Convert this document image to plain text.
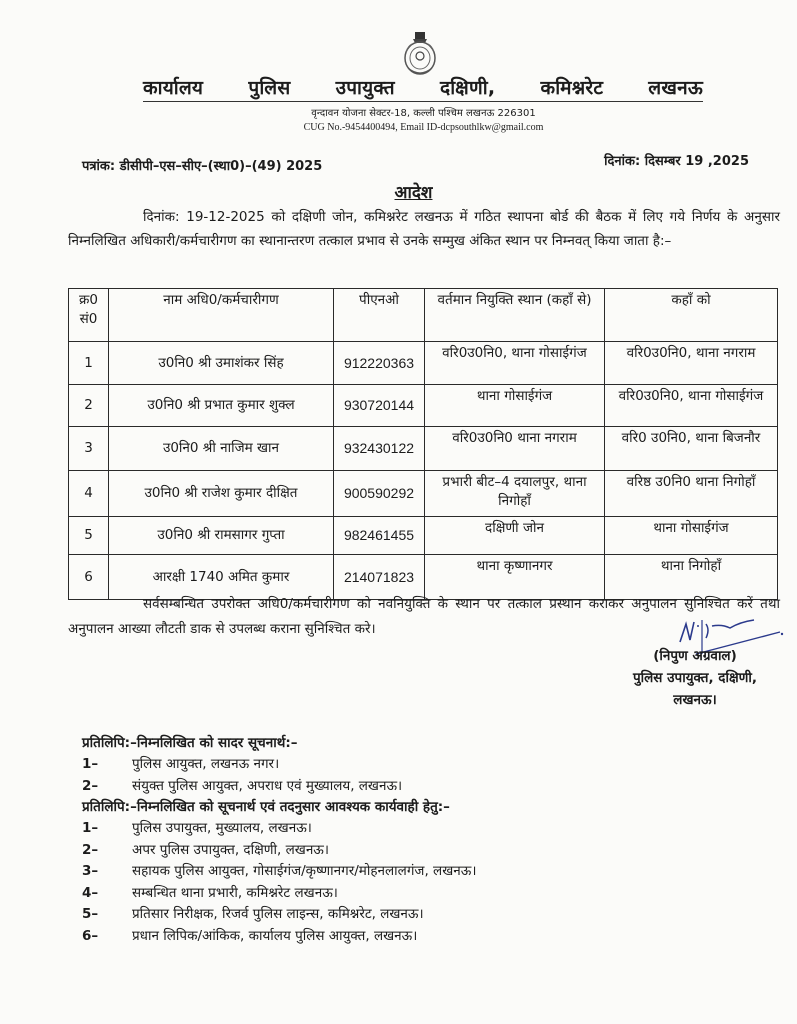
कार्यालय पुलिस उपायुक्त दक्षिणी, कमिश्नरेट लखनऊ
वृन्दावन योजना सेक्टर-18, कल्ली पश्चिम लखनऊ 226301
CUG No.-9454400494, Email ID-dcpsouthlkw@gmail.com
पत्रांक: डीसीपी–एस–सीए–(स्था0)–(49) 2025	दिनांक: दिसम्बर 19 ,2025
आदेश
दिनांक: 19-12-2025 को दक्षिणी जोन, कमिश्नरेट लखनऊ में गठित स्थापना बोर्ड की बैठक में लिए गये निर्णय के अनुसार निम्नलिखित अधिकारी/कर्मचारीगण का स्थानान्तरण तत्काल प्रभाव से उनके सम्मुख अंकित स्थान पर निम्नवत् किया जाता है:–
क्र0 सं0	नाम अधि0/कर्मचारीगण	पीएनओ	वर्तमान नियुक्ति स्थान (कहाँ से)	कहाँ को
1	उ0नि0 श्री उमाशंकर सिंह	912220363	वरि0उ0नि0, थाना गोसाईगंज	वरि0उ0नि0, थाना नगराम
2	उ0नि0 श्री प्रभात कुमार शुक्ल	930720144	थाना गोसाईगंज	वरि0उ0नि0, थाना गोसाईगंज
3	उ0नि0 श्री नाजिम खान	932430122	वरि0उ0नि0 थाना नगराम	वरि0 उ0नि0, थाना बिजनौर
4	उ0नि0 श्री राजेश कुमार दीक्षित	900590292	प्रभारी बीट–4 दयालपुर, थाना निगोहाँ	वरिष्ठ उ0नि0 थाना निगोहाँ
5	उ0नि0 श्री रामसागर गुप्ता	982461455	दक्षिणी जोन	थाना गोसाईगंज
6	आरक्षी 1740 अमित कुमार	214071823	थाना कृष्णानगर	थाना निगोहाँ
सर्वसम्बन्धित उपरोक्त अधि0/कर्मचारीगण को नवनियुक्ति के स्थान पर तत्काल प्रस्थान कराकर अनुपालन सुनिश्चित करें तथा अनुपालन आख्या लौटती डाक से उपलब्ध कराना सुनिश्चित करे।
(निपुण अग्रवाल)
पुलिस उपायुक्त, दक्षिणी,
लखनऊ।
प्रतिलिपि:–निम्नलिखित को सादर सूचनार्थ:–
1–	पुलिस आयुक्त, लखनऊ नगर।
2–	संयुक्त पुलिस आयुक्त, अपराध एवं मुख्यालय, लखनऊ।
प्रतिलिपि:–निम्नलिखित को सूचनार्थ एवं तदनुसार आवश्यक कार्यवाही हेतु:–
1–	पुलिस उपायुक्त, मुख्यालय, लखनऊ।
2–	अपर पुलिस उपायुक्त, दक्षिणी, लखनऊ।
3–	सहायक पुलिस आयुक्त, गोसाईगंज/कृष्णानगर/मोहनलालगंज, लखनऊ।
4–	सम्बन्धित थाना प्रभारी, कमिश्नरेट लखनऊ।
5–	प्रतिसार निरीक्षक, रिजर्व पुलिस लाइन्स, कमिश्नरेट, लखनऊ।
6–	प्रधान लिपिक/आंकिक, कार्यालय पुलिस आयुक्त, लखनऊ।
